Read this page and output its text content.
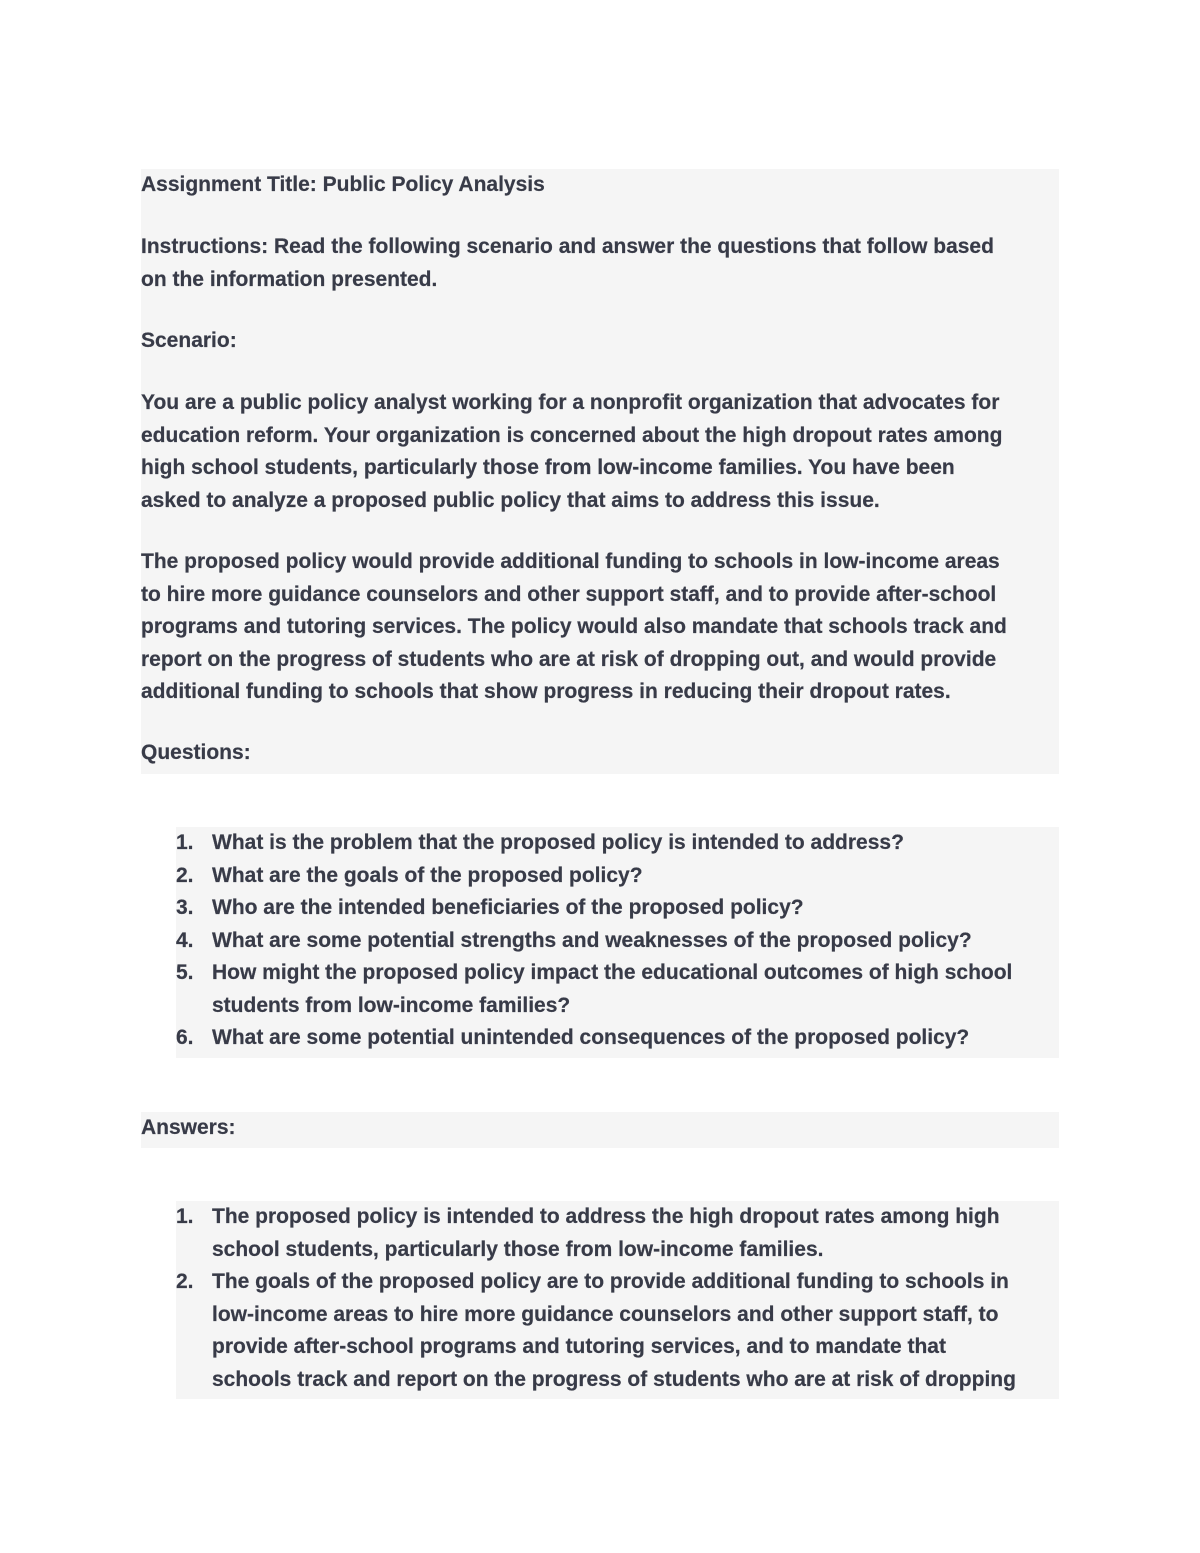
Assignment Title: Public Policy Analysis

Instructions: Read the following scenario and answer the questions that follow based

on the information presented.

Scenario:

You are a public policy analyst working for a nonprofit organization that advocates for

education reform. Your organization is concerned about the high dropout rates among

high school students, particularly those from low-income families. You have been

asked to analyze a proposed public policy that aims to address this issue.

The proposed policy would provide additional funding to schools in low-income areas

to hire more guidance counselors and other support staff, and to provide after-school

programs and tutoring services. The policy would also mandate that schools track and

report on the progress of students who are at risk of dropping out, and would provide

additional funding to schools that show progress in reducing their dropout rates.

Questions:

1. What is the problem that the proposed policy is intended to address?
2. What are the goals of the proposed policy?
3. Who are the intended beneficiaries of the proposed policy?
4. What are some potential strengths and weaknesses of the proposed policy?
5. How might the proposed policy impact the educational outcomes of high school
students from low-income families?
6. What are some potential unintended consequences of the proposed policy?
Answers:
1. The proposed policy is intended to address the high dropout rates among high
school students, particularly those from low-income families.
2. The goals of the proposed policy are to provide additional funding to schools in
low-income areas to hire more guidance counselors and other support staff, to
provide after-school programs and tutoring services, and to mandate that
schools track and report on the progress of students who are at risk of dropping
